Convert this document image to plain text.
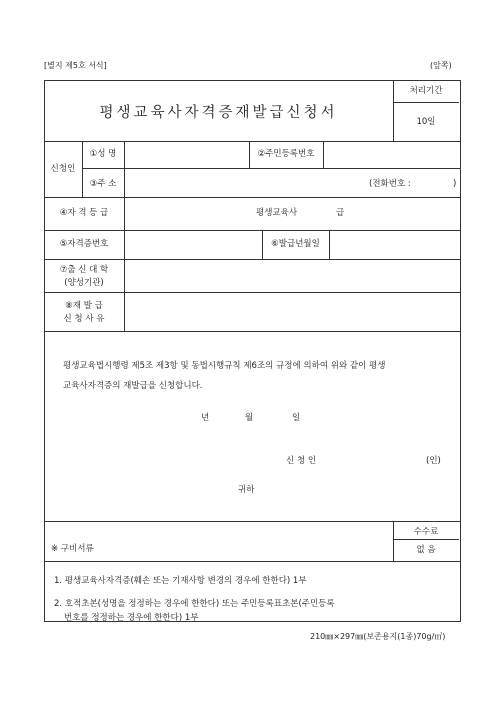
[별지 제5호 서식]	(앞쪽)
평생교육사자격증재발급신청서
처리기간
10일
신청인
①성 명	②주민등록번호
③주 소	(전화번호 :	)
④자 격 등 급	평생교육사	급
⑤자격증번호	⑥발급년월일
⑦출 신 대 학
(양성기관)
⑧재 발 급
신 청 사 유
평생교육법시행령 제5조 제3항 및 동법시행규칙 제6조의 규정에 의하여 위와 같이 평생
교육사자격증의 재발급을 신청합니다.
년	월	일
신 청 인	(인)
귀하
※ 구비서류
수수료
없 음
1. 평생교육사자격증(훼손 또는 기재사항 변경의 경우에 한한다) 1부
2. 호적초본(성명을 정정하는 경우에 한한다) 또는 주민등록표초본(주민등록
번호를 정정하는 경우에 한한다) 1부
210㎜×297㎜(보존용지(1종)70g/㎡)
